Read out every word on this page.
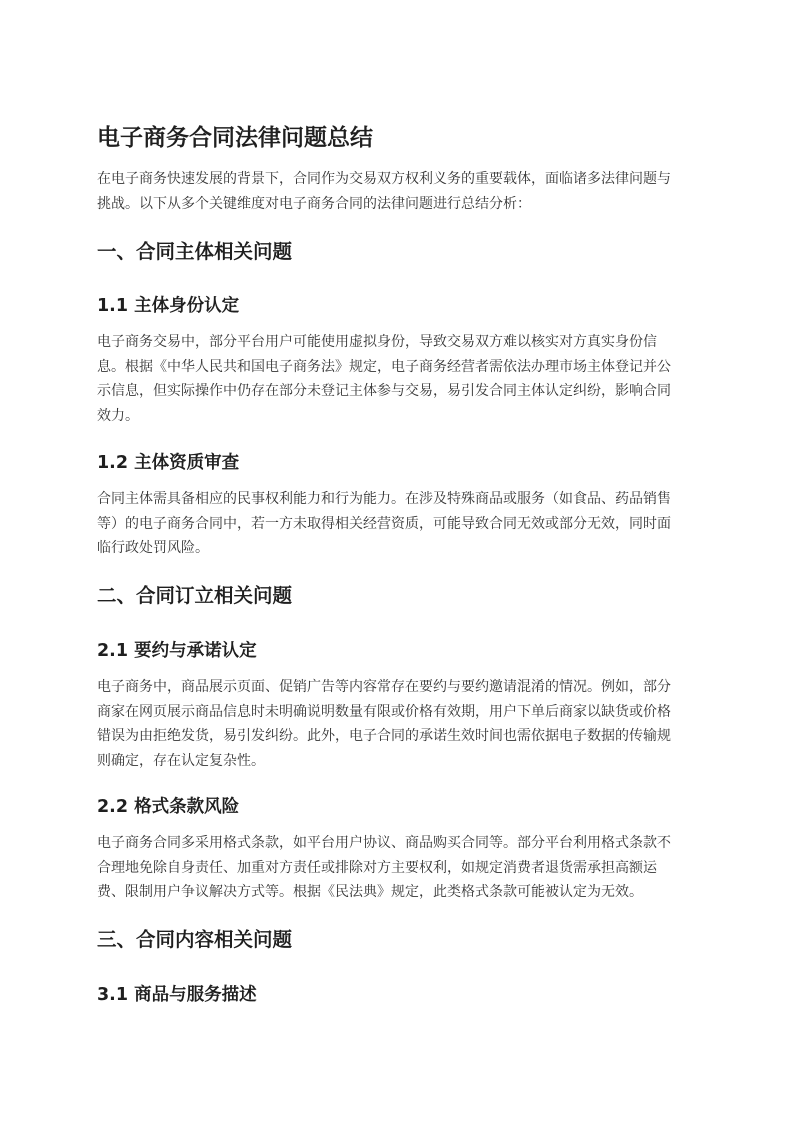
电子商务合同法律问题总结

在电子商务快速发展的背景下，合同作为交易双方权利义务的重要载体，面临诸多法律问题与
挑战。以下从多个关键维度对电子商务合同的法律问题进行总结分析：

一、合同主体相关问题
1.1 主体身份认定

电子商务交易中，部分平台用户可能使用虚拟身份，导致交易双方难以核实对方真实身份信
息。根据《中华人民共和国电子商务法》规定，电子商务经营者需依法办理市场主体登记并公
示信息，但实际操作中仍存在部分未登记主体参与交易，易引发合同主体认定纠纷，影响合同
效力。

1.2 主体资质审查

合同主体需具备相应的民事权利能力和行为能力。在涉及特殊商品或服务（如食品、药品销售
等）的电子商务合同中，若一方未取得相关经营资质，可能导致合同无效或部分无效，同时面
临行政处罚风险。

二、合同订立相关问题
2.1 要约与承诺认定

电子商务中，商品展示页面、促销广告等内容常存在要约与要约邀请混淆的情况。例如，部分
商家在网页展示商品信息时未明确说明数量有限或价格有效期，用户下单后商家以缺货或价格
错误为由拒绝发货，易引发纠纷。此外，电子合同的承诺生效时间也需依据电子数据的传输规
则确定，存在认定复杂性。

2.2 格式条款风险

电子商务合同多采用格式条款，如平台用户协议、商品购买合同等。部分平台利用格式条款不
合理地免除自身责任、加重对方责任或排除对方主要权利，如规定消费者退货需承担高额运
费、限制用户争议解决方式等。根据《民法典》规定，此类格式条款可能被认定为无效。

三、合同内容相关问题
3.1 商品与服务描述
